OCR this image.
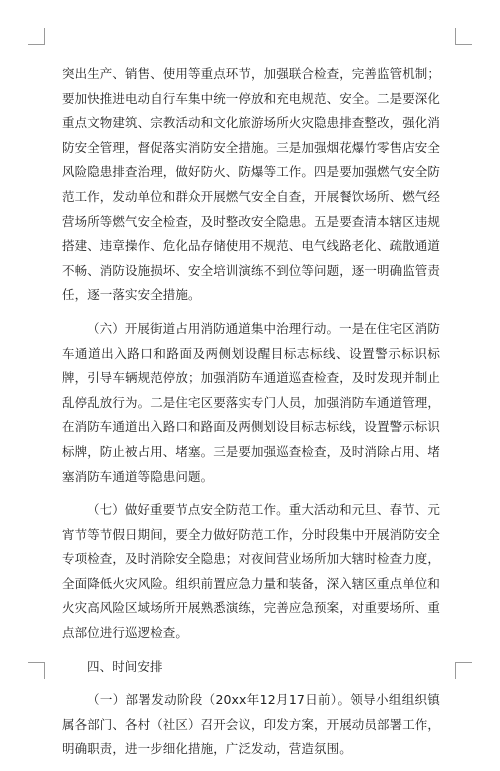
突出生产、销售、使用等重点环节，加强联合检查，完善监管机制；要加快推进电动自行车集中统一停放和充电规范、安全。二是要深化重点文物建筑、宗教活动和文化旅游场所火灾隐患排查整改，强化消防安全管理，督促落实消防安全措施。三是加强烟花爆竹零售店安全风险隐患排查治理，做好防火、防爆等工作。四是要加强燃气安全防范工作，发动单位和群众开展燃气安全自查，开展餐饮场所、燃气经营场所等燃气安全检查，及时整改安全隐患。五是要查清本辖区违规搭建、违章操作、危化品存储使用不规范、电气线路老化、疏散通道不畅、消防设施损坏、安全培训演练不到位等问题，逐一明确监管责任，逐一落实安全措施。

（六）开展街道占用消防通道集中治理行动。一是在住宅区消防车通道出入路口和路面及两侧划设醒目标志标线、设置警示标识标牌，引导车辆规范停放；加强消防车通道巡查检查，及时发现并制止乱停乱放行为。二是住宅区要落实专门人员，加强消防车通道管理，在消防车通道出入路口和路面及两侧划设目标志标线，设置警示标识标牌，防止被占用、堵塞。三是要加强巡查检查，及时消除占用、堵塞消防车通道等隐患问题。

（七）做好重要节点安全防范工作。重大活动和元旦、春节、元宵节等节假日期间，要全力做好防范工作，分时段集中开展消防安全专项检查，及时消除安全隐患；对夜间营业场所加大辖时检查力度，全面降低火灾风险。组织前置应急力量和装备，深入辖区重点单位和火灾高风险区域场所开展熟悉演练，完善应急预案，对重要场所、重点部位进行巡逻检查。

四、时间安排

（一）部署发动阶段（20xx年12月17日前）。领导小组组织镇属各部门、各村（社区）召开会议，印发方案，开展动员部署工作，明确职责，进一步细化措施，广泛发动，营造氛围。
